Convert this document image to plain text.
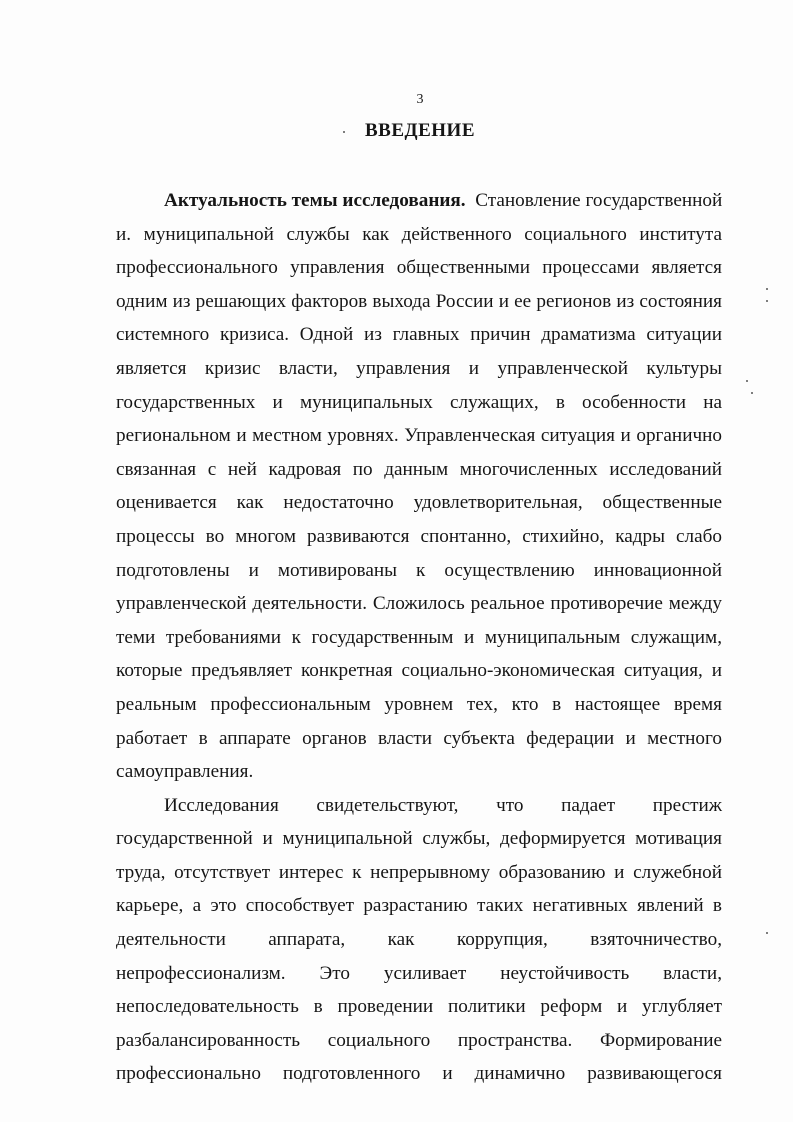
3
ВВЕДЕНИЕ
Актуальность темы исследования. Становление государственной
и. муниципальной службы как действенного социального института
профессионального управления общественными процессами является
одним из решающих факторов выхода России и ее регионов из состояния
системного кризиса. Одной из главных причин драматизма ситуации
является кризис власти, управления и управленческой культуры
государственных и муниципальных служащих, в особенности на
региональном и местном уровнях. Управленческая ситуация и органично
связанная с ней кадровая по данным многочисленных исследований
оценивается как недостаточно удовлетворительная, общественные
процессы во многом развиваются спонтанно, стихийно, кадры слабо
подготовлены и мотивированы к осуществлению инновационной
управленческой деятельности. Сложилось реальное противоречие между
теми требованиями к государственным и муниципальным служащим,
которые предъявляет конкретная социально-экономическая ситуация, и
реальным профессиональным уровнем тех, кто в настоящее время
работает в аппарате органов власти субъекта федерации и местного
самоуправления.
Исследования свидетельствуют, что падает престиж
государственной и муниципальной службы, деформируется мотивация
труда, отсутствует интерес к непрерывному образованию и служебной
карьере, а это способствует разрастанию таких негативных явлений в
деятельности аппарата, как коррупция, взяточничество,
непрофессионализм. Это усиливает неустойчивость власти,
непоследовательность в проведении политики реформ и углубляет
разбалансированность социального пространства. Формирование
профессионально подготовленного и динамично развивающегося
